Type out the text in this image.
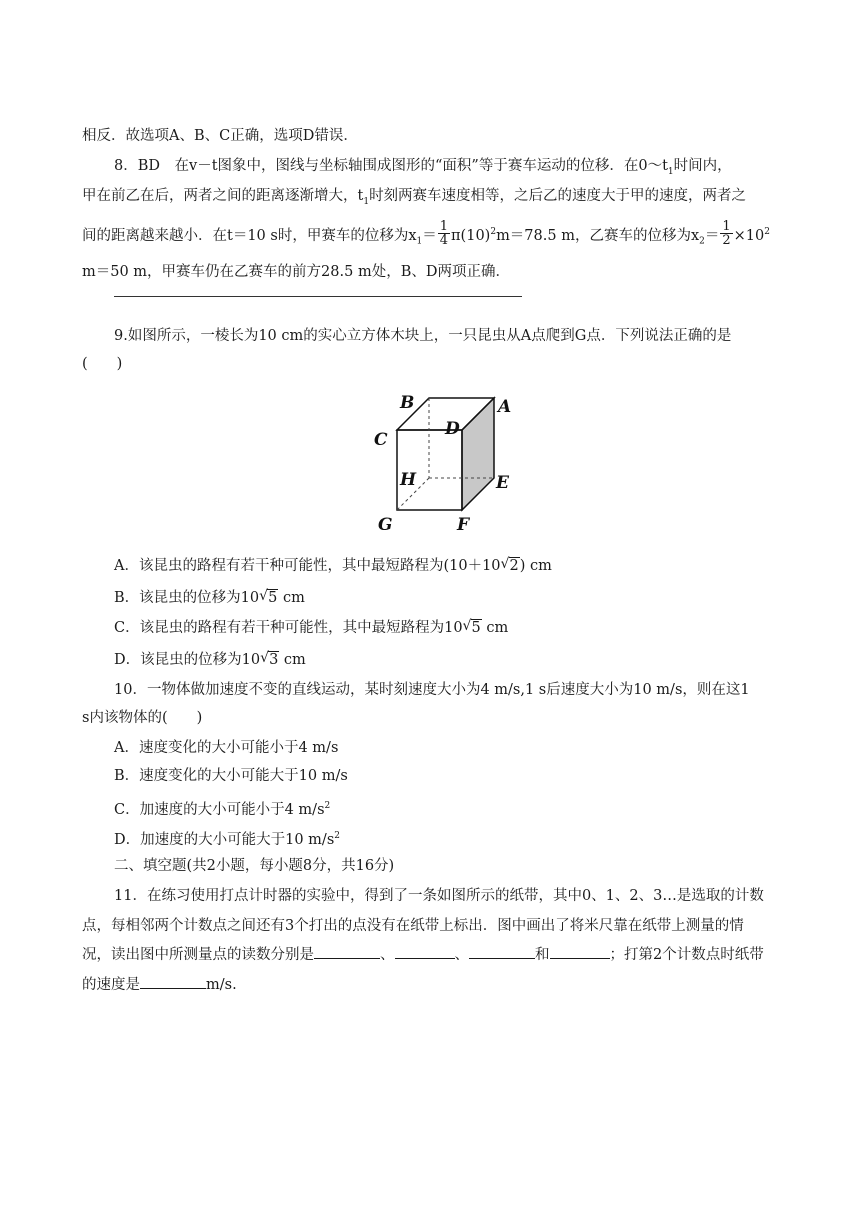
相反．故选项A、B、C正确，选项D错误．
8．BD　在v－t图象中，图线与坐标轴围成图形的“面积”等于赛车运动的位移．在$0\sim t_1$时间内，
甲在前乙在后，两者之间的距离逐渐增大，$t_1$时刻两赛车速度相等，之后乙的速度大于甲的速度，两者之
间的距离越来越小．在t＝10 s时，甲赛车的位移为$x_1= \frac{1}{4} \pi(10)^2m=78.5$ m，乙赛车的位移为$x_2= \frac{1}{2} \times 10^2$
m＝50 m，甲赛车仍在乙赛车的前方28.5 m处，B、D两项正确．
9.如图所示，一棱长为10 cm的实心立方体木块上，一只昆虫从A点爬到G点．下列说法正确的是
(　　)
B	A
C
D
H	E
G	F
A．该昆虫的路程有若干种可能性，其中最短路程为(10＋10 √ 2) cm
B．该昆虫的位移为10 √ 5 cm
C．该昆虫的路程有若干种可能性，其中最短路程为10 √ 5 cm
D．该昆虫的位移为10 √ 3 cm
10．一物体做加速度不变的直线运动，某时刻速度大小为4 m/s,1 s后速度大小为10 m/s，则在这1
s内该物体的(　　)
A．速度变化的大小可能小于4 m/s
B．速度变化的大小可能大于10 m/s
C．加速度的大小可能小于4 $m/s^2$
D．加速度的大小可能大于10 $m/s^2$
二、填空题(共2小题，每小题8分，共16分)
11．在练习使用打点计时器的实验中，得到了一条如图所示的纸带，其中0、1、2、3…是选取的计数
点，每相邻两个计数点之间还有3个打出的点没有在纸带上标出．图中画出了将米尺靠在纸带上测量的情
况，读出图中所测量点的读数分别是	、	、	和	；打第2个计数点时纸带
的速度是	m/s.
